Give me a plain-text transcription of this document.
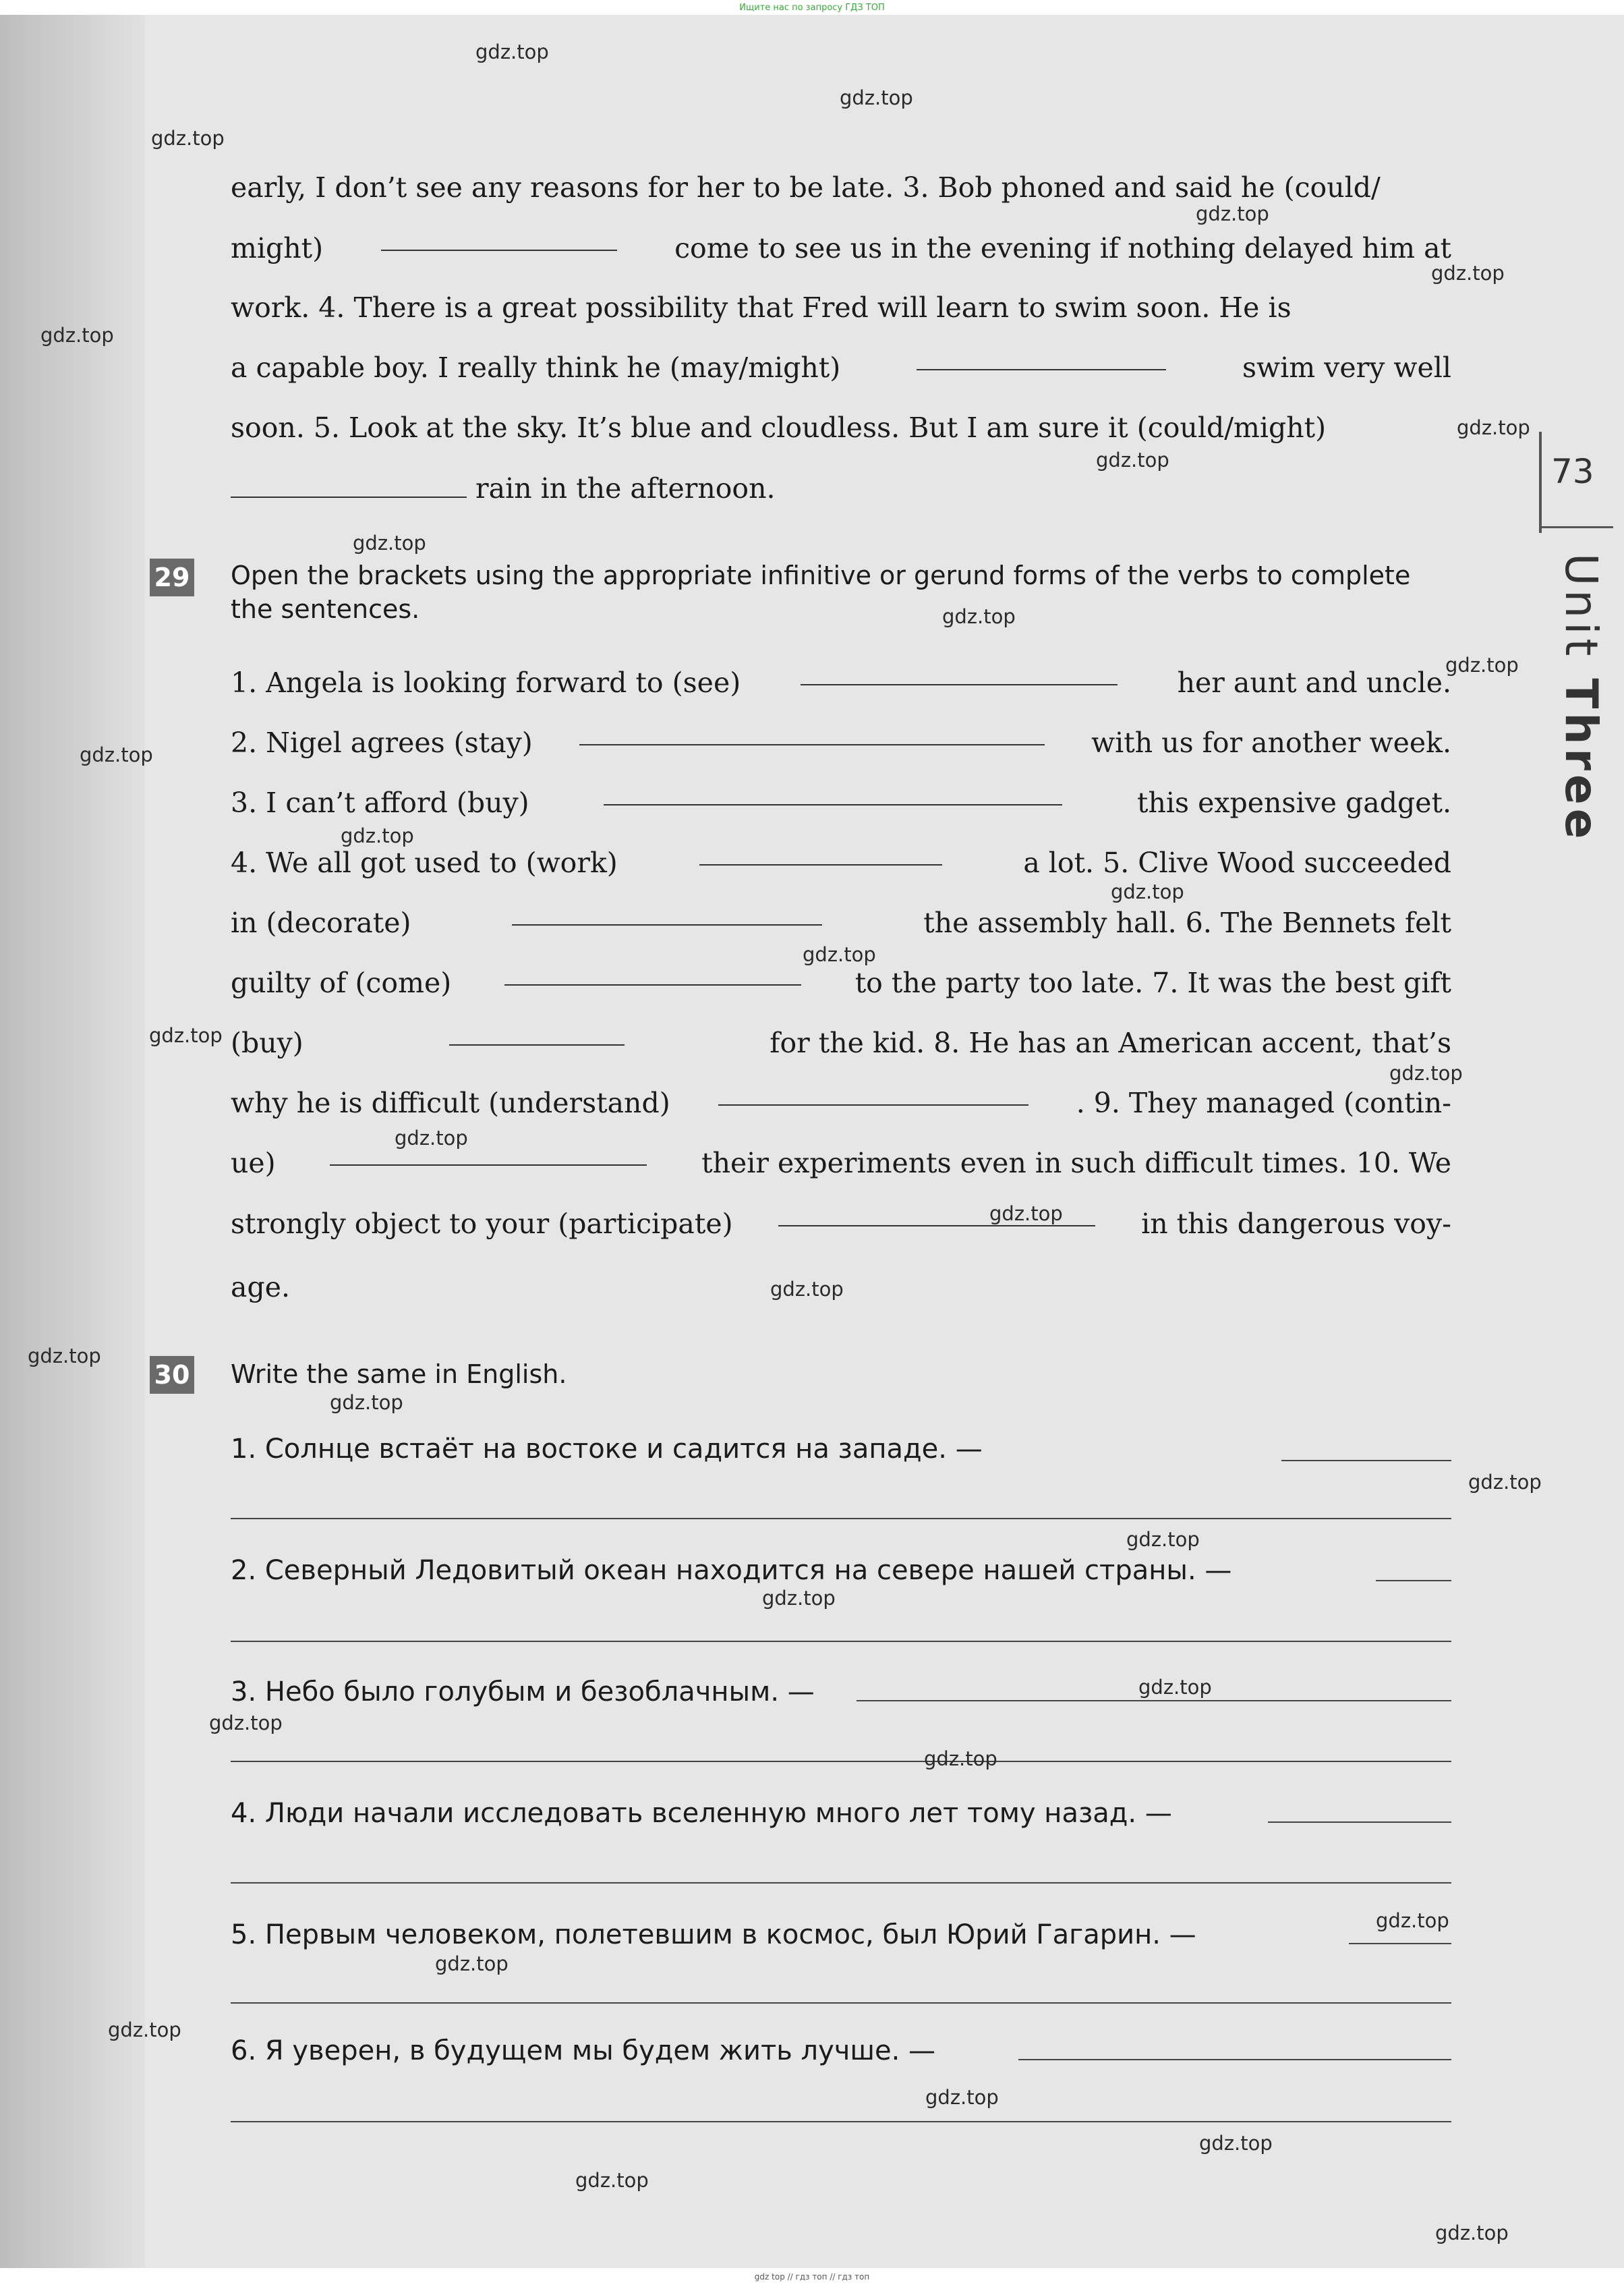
Ищите нас по запросу ГДЗ ТОП
early, I don’t see any reasons for her to be late. 3. Bob phoned and said he (could/
might)	come to see us in the evening if nothing delayed him at
work. 4. There is a great possibility that Fred will learn to swim soon. He is
a capable boy. I really think he (may/might)	swim very well
soon. 5. Look at the sky. It’s blue and cloudless. But I am sure it (could/might)
rain in the afternoon.
29 Open the brackets using the appropriate infinitive or gerund forms of the verbs to complete the sentences.
1. Angela is looking forward to (see)	her aunt and uncle.
2. Nigel agrees (stay)	with us for another week.
3. I can’t afford (buy)	this expensive gadget.
4. We all got used to (work)	a lot. 5. Clive Wood succeeded
in (decorate)	the assembly hall. 6. The Bennets felt
guilty of (come)	to the party too late. 7. It was the best gift
(buy)	for the kid. 8. He has an American accent, that’s
why he is difficult (understand)	. 9. They managed (contin-
ue)	their experiments even in such difficult times. 10. We
strongly object to your (participate)	in this dangerous voy-
age.
30 Write the same in English.
1. Солнце встаёт на востоке и садится на западе. —
2. Северный Ледовитый океан находится на севере нашей страны. —
3. Небо было голубым и безоблачным. —
4. Люди начали исследовать вселенную много лет тому назад. —
5. Первым человеком, полетевшим в космос, был Юрий Гагарин. —
6. Я уверен, в будущем мы будем жить лучше. —
73
Unit Three
gdz.top
gdz.top
gdz.top
gdz.top
gdz.top
gdz.top
gdz.top
gdz.top
gdz.top
gdz.top
gdz.top
gdz.top
gdz.top
gdz.top
gdz.top
gdz.top
gdz.top
gdz.top
gdz.top
gdz.top
gdz.top
gdz.top
gdz.top
gdz.top
gdz.top
gdz.top
gdz.top
gdz.top
gdz.top
gdz.top
gdz.top
gdz.top
gdz.top
gdz.top
gdz.top
gdz top // гдз топ // гдз топ
